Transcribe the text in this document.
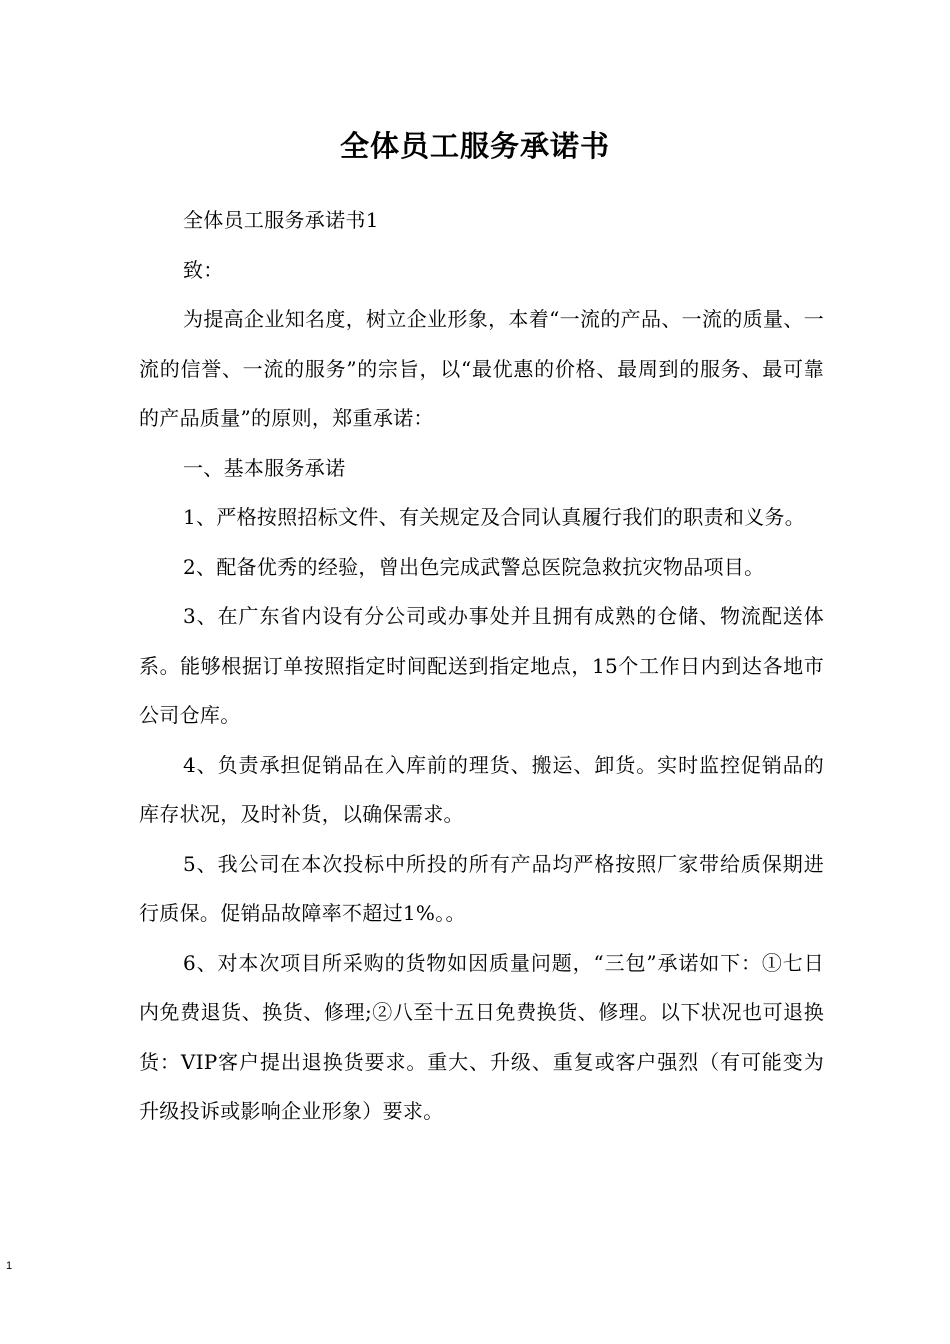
全体员工服务承诺书

全体员工服务承诺书1

致：

为提高企业知名度，树立企业形象，本着“一流的产品、一流的质量、一流的信誉、一流的服务”的宗旨，以“最优惠的价格、最周到的服务、最可靠的产品质量”的原则，郑重承诺：

一、基本服务承诺

1、严格按照招标文件、有关规定及合同认真履行我们的职责和义务。

2、配备优秀的经验，曾出色完成武警总医院急救抗灾物品项目。

3、在广东省内设有分公司或办事处并且拥有成熟的仓储、物流配送体系。能够根据订单按照指定时间配送到指定地点，15个工作日内到达各地市公司仓库。

4、负责承担促销品在入库前的理货、搬运、卸货。实时监控促销品的库存状况，及时补货，以确保需求。

5、我公司在本次投标中所投的所有产品均严格按照厂家带给质保期进行质保。促销品故障率不超过1%。。

6、对本次项目所采购的货物如因质量问题，“三包”承诺如下：①七日内免费退货、换货、修理;②八至十五日免费换货、修理。以下状况也可退换货：VIP客户提出退换货要求。重大、升级、重复或客户强烈（有可能变为升级投诉或影响企业形象）要求。

1
